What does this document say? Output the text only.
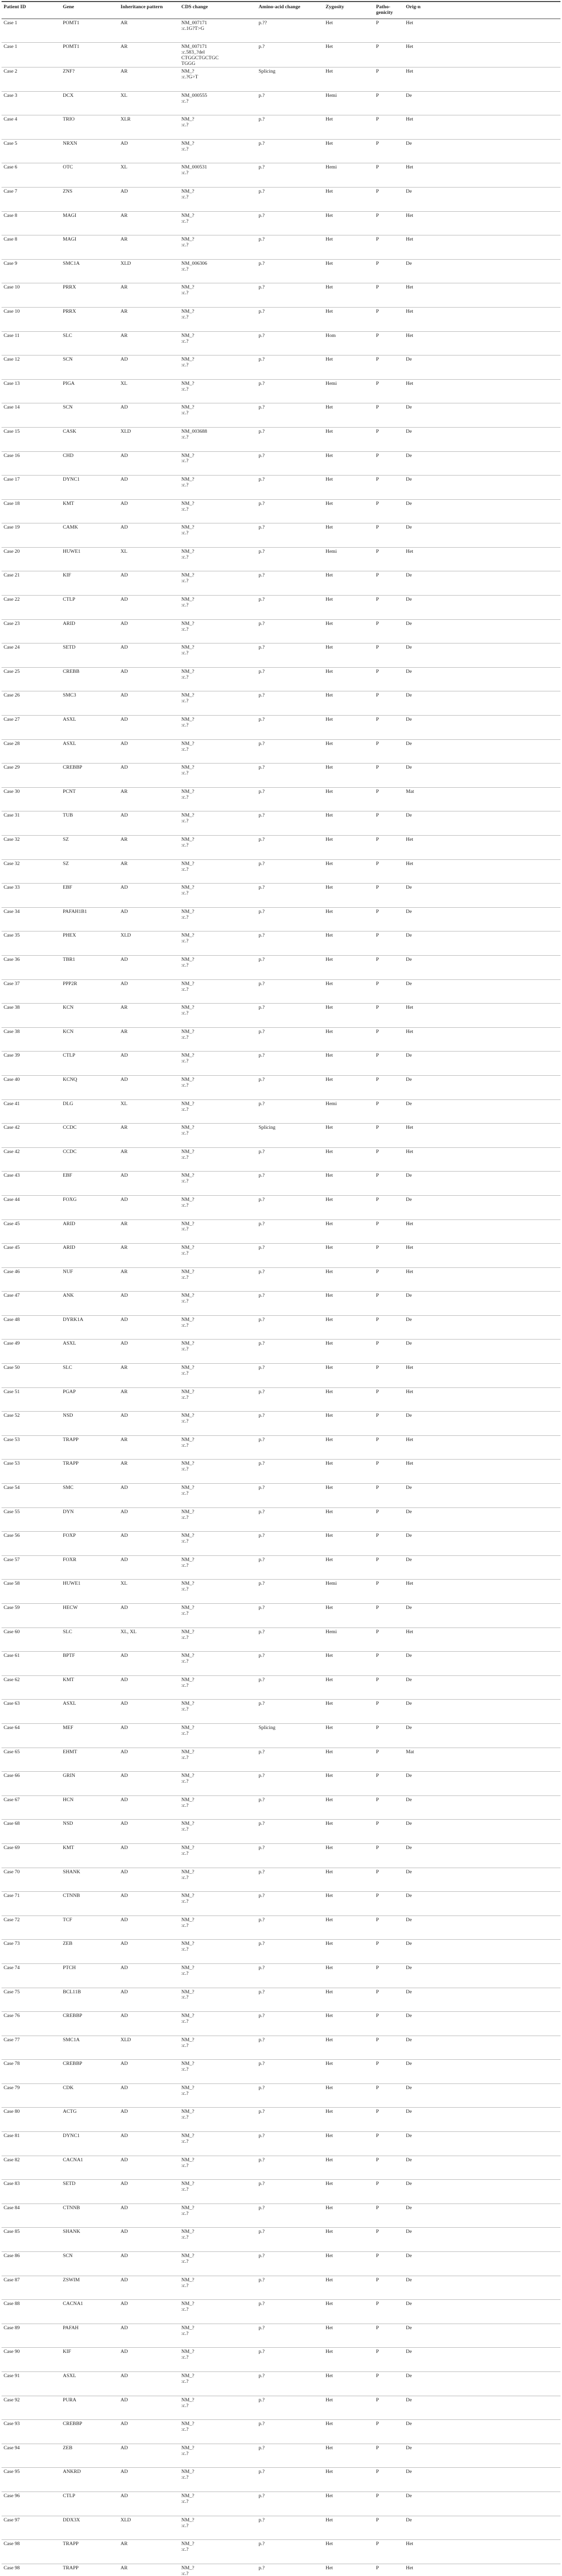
Patient ID	Gene	Inheritance pattern	CDS change	Amino-acid change	Zygosity	Patho-genicity	Orig-n
Case 1	POMT1	AR	NM_007171
:c.1G?T>G	p.??	Het	P	Het
Case 1	POMT1	AR	NM_007171
:c.583_?del
CTGGCTGCTGC
TGGG	p.?	Het	P	Het
Case 2	ZNF?	AR	NM_?
:c.?G>T	Splicing	Het	P	Het
Case 3	DCX	XL	NM_000555
:c.?	p.?	Hemi	P	De
Case 4	TRIO	XLR	NM_?
:c.?	p.?	Het	P	Het
Case 5	NRXN	AD	NM_?
:c.?	p.?	Het	P	De
Case 6	OTC	XL	NM_000531
:c.?	p.?	Hemi	P	Het
Case 7	ZNS	AD	NM_?
:c.?	p.?	Het	P	De
Case 8	MAGI	AR	NM_?
:c.?	p.?	Het	P	Het
Case 8	MAGI	AR	NM_?
:c.?	p.?	Het	P	Het
Case 9	SMC1A	XLD	NM_006306
:c.?	p.?	Het	P	De
Case 10	PRRX	AR	NM_?
:c.?	p.?	Het	P	Het
Case 10	PRRX	AR	NM_?
:c.?	p.?	Het	P	Het
Case 11	SLC	AR	NM_?
:c.?	p.?	Hom	P	Het
Case 12	SCN	AD	NM_?
:c.?	p.?	Het	P	De
Case 13	PIGA	XL	NM_?
:c.?	p.?	Hemi	P	Het
Case 14	SCN	AD	NM_?
:c.?	p.?	Het	P	De
Case 15	CASK	XLD	NM_003688
:c.?	p.?	Het	P	De
Case 16	CHD	AD	NM_?
:c.?	p.?	Het	P	De
Case 17	DYNC1	AD	NM_?
:c.?	p.?	Het	P	De
Case 18	KMT	AD	NM_?
:c.?	p.?	Het	P	De
Case 19	CAMK	AD	NM_?
:c.?	p.?	Het	P	De
Case 20	HUWE1	XL	NM_?
:c.?	p.?	Hemi	P	Het
Case 21	KIF	AD	NM_?
:c.?	p.?	Het	P	De
Case 22	CTLP	AD	NM_?
:c.?	p.?	Het	P	De
Case 23	ARID	AD	NM_?
:c.?	p.?	Het	P	De
Case 24	SETD	AD	NM_?
:c.?	p.?	Het	P	De
Case 25	CREBB	AD	NM_?
:c.?	p.?	Het	P	De
Case 26	SMC3	AD	NM_?
:c.?	p.?	Het	P	De
Case 27	ASXL	AD	NM_?
:c.?	p.?	Het	P	De
Case 28	ASXL	AD	NM_?
:c.?	p.?	Het	P	De
Case 29	CREBBP	AD	NM_?
:c.?	p.?	Het	P	De
Case 30	PCNT	AR	NM_?
:c.?	p.?	Het	P	Mat
Case 31	TUB	AD	NM_?
:c.?	p.?	Het	P	De
Case 32	SZ	AR	NM_?
:c.?	p.?	Het	P	Het
Case 32	SZ	AR	NM_?
:c.?	p.?	Het	P	Het
Case 33	EBF	AD	NM_?
:c.?	p.?	Het	P	De
Case 34	PAFAH1B1	AD	NM_?
:c.?	p.?	Het	P	De
Case 35	PHEX	XLD	NM_?
:c.?	p.?	Het	P	De
Case 36	TBR1	AD	NM_?
:c.?	p.?	Het	P	De
Case 37	PPP2R	AD	NM_?
:c.?	p.?	Het	P	De
Case 38	KCN	AR	NM_?
:c.?	p.?	Het	P	Het
Case 38	KCN	AR	NM_?
:c.?	p.?	Het	P	Het
Case 39	CTLP	AD	NM_?
:c.?	p.?	Het	P	De
Case 40	KCNQ	AD	NM_?
:c.?	p.?	Het	P	De
Case 41	DLG	XL	NM_?
:c.?	p.?	Hemi	P	De
Case 42	CCDC	AR	NM_?
:c.?	Splicing	Het	P	Het
Case 42	CCDC	AR	NM_?
:c.?	p.?	Het	P	Het
Case 43	EBF	AD	NM_?
:c.?	p.?	Het	P	De
Case 44	FOXG	AD	NM_?
:c.?	p.?	Het	P	De
Case 45	ARID	AR	NM_?
:c.?	p.?	Het	P	Het
Case 45	ARID	AR	NM_?
:c.?	p.?	Het	P	Het
Case 46	NUF	AR	NM_?
:c.?	p.?	Het	P	Het
Case 47	ANK	AD	NM_?
:c.?	p.?	Het	P	De
Case 48	DYRK1A	AD	NM_?
:c.?	p.?	Het	P	De
Case 49	ASXL	AD	NM_?
:c.?	p.?	Het	P	De
Case 50	SLC	AR	NM_?
:c.?	p.?	Het	P	Het
Case 51	PGAP	AR	NM_?
:c.?	p.?	Het	P	Het
Case 52	NSD	AD	NM_?
:c.?	p.?	Het	P	De
Case 53	TRAPP	AR	NM_?
:c.?	p.?	Het	P	Het
Case 53	TRAPP	AR	NM_?
:c.?	p.?	Het	P	Het
Case 54	SMC	AD	NM_?
:c.?	p.?	Het	P	De
Case 55	DYN	AD	NM_?
:c.?	p.?	Het	P	De
Case 56	FOXP	AD	NM_?
:c.?	p.?	Het	P	De
Case 57	FOXR	AD	NM_?
:c.?	p.?	Het	P	De
Case 58	HUWE1	XL	NM_?
:c.?	p.?	Hemi	P	Het
Case 59	HECW	AD	NM_?
:c.?	p.?	Het	P	De
Case 60	SLC	XL, XL	NM_?
:c.?	p.?	Hemi	P	Het
Case 61	BPTF	AD	NM_?
:c.?	p.?	Het	P	De
Case 62	KMT	AD	NM_?
:c.?	p.?	Het	P	De
Case 63	ASXL	AD	NM_?
:c.?	p.?	Het	P	De
Case 64	MEF	AD	NM_?
:c.?	Splicing	Het	P	De
Case 65	EHMT	AD	NM_?
:c.?	p.?	Het	P	Mat
Case 66	GRIN	AD	NM_?
:c.?	p.?	Het	P	De
Case 67	HCN	AD	NM_?
:c.?	p.?	Het	P	De
Case 68	NSD	AD	NM_?
:c.?	p.?	Het	P	De
Case 69	KMT	AD	NM_?
:c.?	p.?	Het	P	De
Case 70	SHANK	AD	NM_?
:c.?	p.?	Het	P	De
Case 71	CTNNB	AD	NM_?
:c.?	p.?	Het	P	De
Case 72	TCF	AD	NM_?
:c.?	p.?	Het	P	De
Case 73	ZEB	AD	NM_?
:c.?	p.?	Het	P	De
Case 74	PTCH	AD	NM_?
:c.?	p.?	Het	P	De
Case 75	BCL11B	AD	NM_?
:c.?	p.?	Het	P	De
Case 76	CREBBP	AD	NM_?
:c.?	p.?	Het	P	De
Case 77	SMC1A	XLD	NM_?
:c.?	p.?	Het	P	De
Case 78	CREBBP	AD	NM_?
:c.?	p.?	Het	P	De
Case 79	CDK	AD	NM_?
:c.?	p.?	Het	P	De
Case 80	ACTG	AD	NM_?
:c.?	p.?	Het	P	De
Case 81	DYNC1	AD	NM_?
:c.?	p.?	Het	P	De
Case 82	CACNA1	AD	NM_?
:c.?	p.?	Het	P	De
Case 83	SETD	AD	NM_?
:c.?	p.?	Het	P	De
Case 84	CTNNB	AD	NM_?
:c.?	p.?	Het	P	De
Case 85	SHANK	AD	NM_?
:c.?	p.?	Het	P	De
Case 86	SCN	AD	NM_?
:c.?	p.?	Het	P	De
Case 87	ZSWIM	AD	NM_?
:c.?	p.?	Het	P	De
Case 88	CACNA1	AD	NM_?
:c.?	p.?	Het	P	De
Case 89	PAFAH	AD	NM_?
:c.?	p.?	Het	P	De
Case 90	KIF	AD	NM_?
:c.?	p.?	Het	P	De
Case 91	ASXL	AD	NM_?
:c.?	p.?	Het	P	De
Case 92	PURA	AD	NM_?
:c.?	p.?	Het	P	De
Case 93	CREBBP	AD	NM_?
:c.?	p.?	Het	P	De
Case 94	ZEB	AD	NM_?
:c.?	p.?	Het	P	De
Case 95	ANKRD	AD	NM_?
:c.?	p.?	Het	P	De
Case 96	CTLP	AD	NM_?
:c.?	p.?	Het	P	De
Case 97	DDX3X	XLD	NM_?
:c.?	p.?	Het	P	De
Case 98	TRAPP	AR	NM_?
:c.?	p.?	Het	P	Het
Case 98	TRAPP	AR	NM_?
:c.?	p.?	Het	P	Het
